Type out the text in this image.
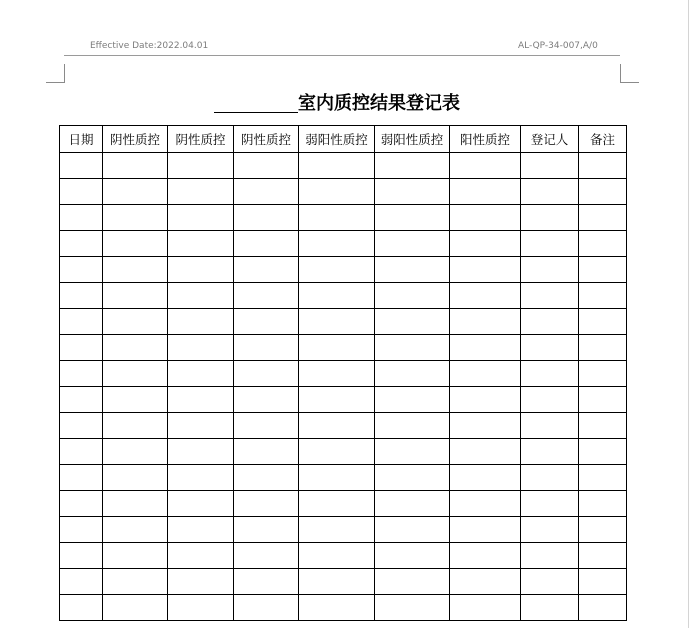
Effective Date:2022.04.01	AL-QP-34-007,A/0
室内质控结果登记表
日期	阴性质控	阴性质控	阴性质控	弱阳性质控	弱阳性质控	阳性质控	登记人	备注
